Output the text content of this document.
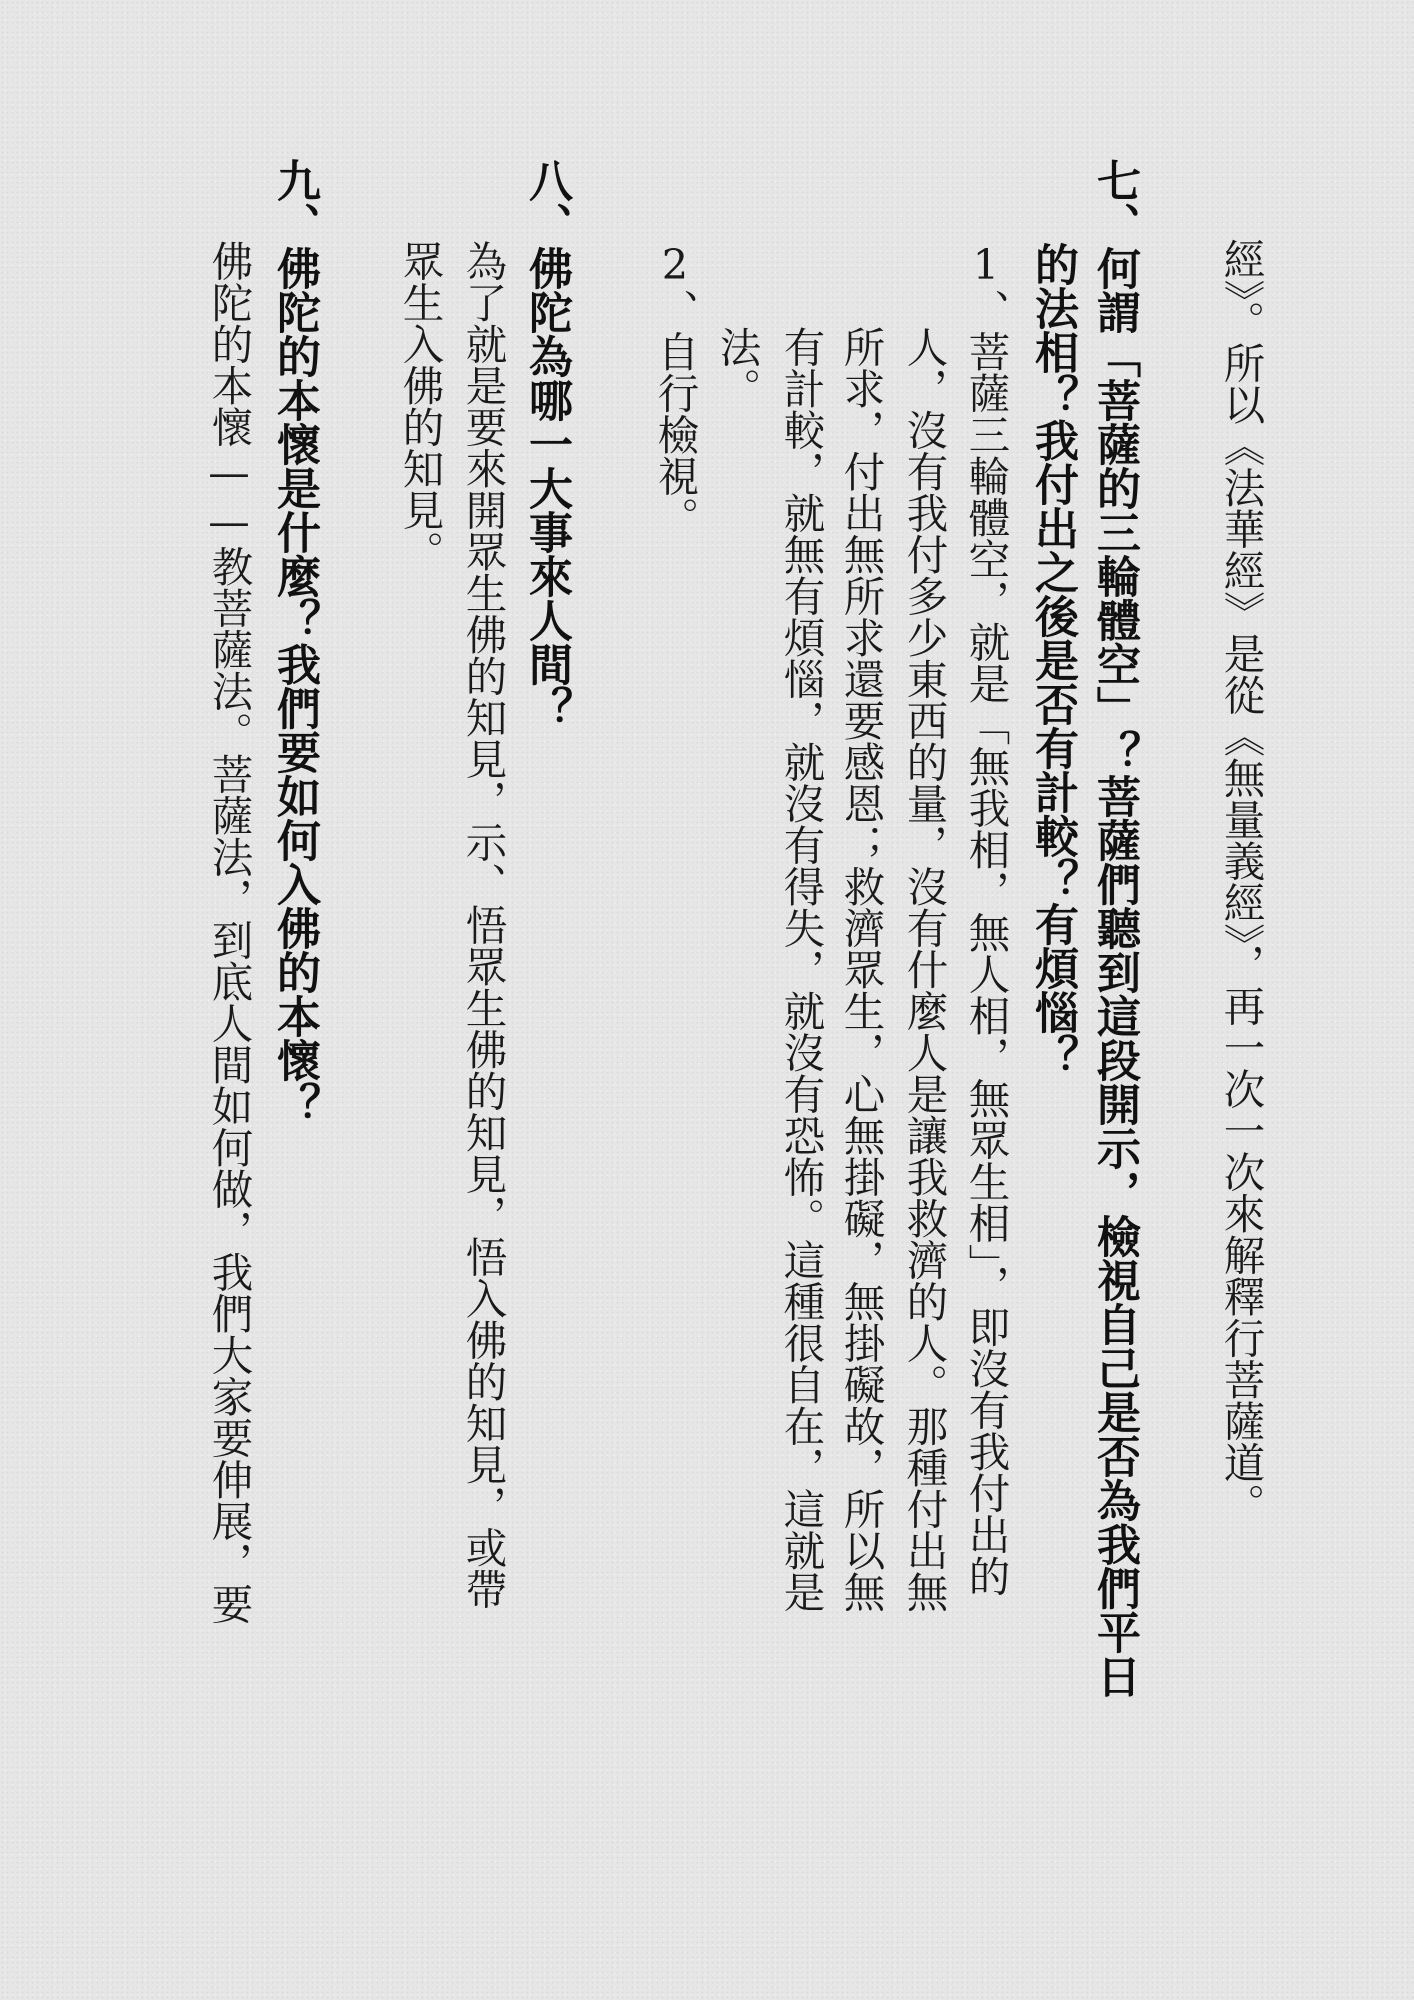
經》。所以《法華經》是從《無量義經》，再一次一次來解釋行菩薩道。
七、何謂「菩薩的三輪體空」？菩薩們聽到這段開示，檢視自己是否為我們平日
的法相？我付出之後是否有計較？有煩惱？
1、菩薩三輪體空，就是「無我相，無人相，無眾生相」，即沒有我付出的
人，沒有我付多少東西的量，沒有什麼人是讓我救濟的人。那種付出無
所求，付出無所求還要感恩；救濟眾生，心無掛礙，無掛礙故，所以無
有計較，就無有煩惱，就沒有得失，就沒有恐怖。這種很自在，這就是
法。
2、自行檢視。
八、佛陀為哪一大事來人間？
為了就是要來開眾生佛的知見，示、悟眾生佛的知見，悟入佛的知見，或帶
眾生入佛的知見。
九、佛陀的本懷是什麼？我們要如何入佛的本懷？
佛陀的本懷——教菩薩法。菩薩法，到底人間如何做，我們大家要伸展，要
